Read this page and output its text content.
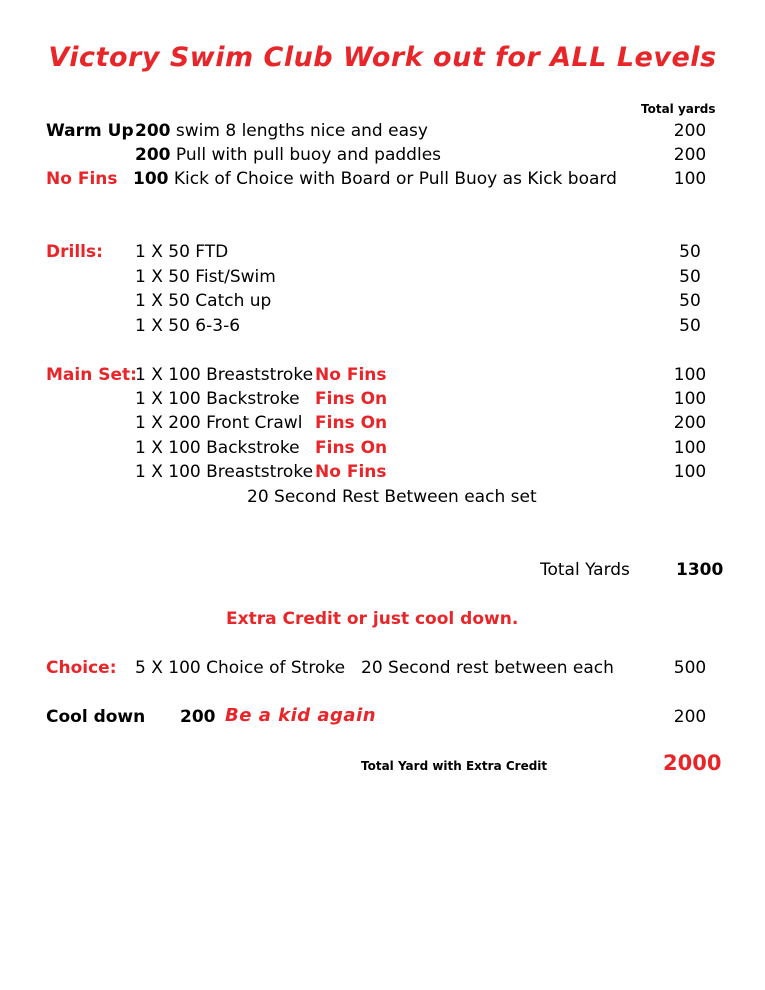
Victory Swim Club Work out for ALL Levels
Total yards
Warm Up 200 swim 8 lengths nice and easy	200
200 Pull with pull buoy and paddles	200
No Fins 100 Kick of Choice with Board or Pull Buoy as Kick board	100
Drills: 1 X 50 FTD	50
1 X 50 Fist/Swim	50
1 X 50 Catch up	50
1 X 50 6-3-6	50
Main Set:
1 X 100 Breaststroke No Fins	100
1 X 100 Backstroke Fins On	100
1 X 200 Front Crawl Fins On	200
1 X 100 Backstroke Fins On	100
1 X 100 Breaststroke No Fins	100
20 Second Rest Between each set
Total Yards	1300
Extra Credit or just cool down.
Choice: 5 X 100 Choice of Stroke 20 Second rest between each	500
Cool down 200 Be a kid again	200
Total Yard with Extra Credit	2000
